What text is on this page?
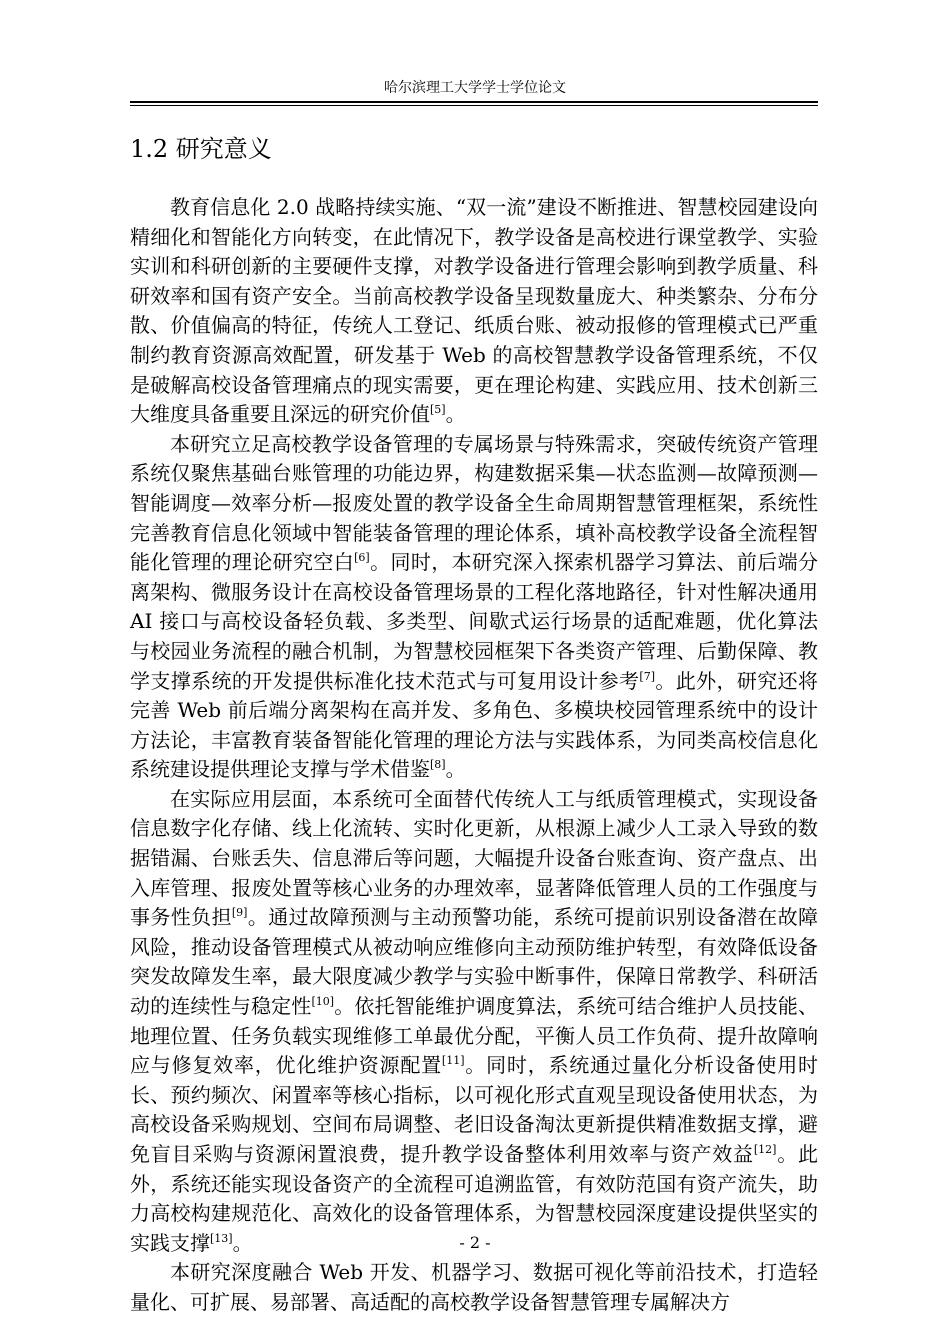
哈尔滨理工大学学士学位论文
1.2 研究意义

教育信息化 2.0 战略持续实施、“双一流”建设不断推进、智慧校园建设向精细化和智能化方向转变，在此情况下，教学设备是高校进行课堂教学、实验实训和科研创新的主要硬件支撑，对教学设备进行管理会影响到教学质量、科研效率和国有资产安全。当前高校教学设备呈现数量庞大、种类繁杂、分布分散、价值偏高的特征，传统人工登记、纸质台账、被动报修的管理模式已严重制约教育资源高效配置，研发基于 Web 的高校智慧教学设备管理系统，不仅是破解高校设备管理痛点的现实需要，更在理论构建、实践应用、技术创新三大维度具备重要且深远的研究价值[5]。

本研究立足高校教学设备管理的专属场景与特殊需求，突破传统资产管理系统仅聚焦基础台账管理的功能边界，构建数据采集—状态监测—故障预测—智能调度—效率分析—报废处置的教学设备全生命周期智慧管理框架，系统性完善教育信息化领域中智能装备管理的理论体系，填补高校教学设备全流程智能化管理的理论研究空白[6]。同时，本研究深入探索机器学习算法、前后端分离架构、微服务设计在高校设备管理场景的工程化落地路径，针对性解决通用 AI 接口与高校设备轻负载、多类型、间歇式运行场景的适配难题，优化算法与校园业务流程的融合机制，为智慧校园框架下各类资产管理、后勤保障、教学支撑系统的开发提供标准化技术范式与可复用设计参考[7]。此外，研究还将完善 Web 前后端分离架构在高并发、多角色、多模块校园管理系统中的设计方法论，丰富教育装备智能化管理的理论方法与实践体系，为同类高校信息化系统建设提供理论支撑与学术借鉴[8]。

在实际应用层面，本系统可全面替代传统人工与纸质管理模式，实现设备信息数字化存储、线上化流转、实时化更新，从根源上减少人工录入导致的数据错漏、台账丢失、信息滞后等问题，大幅提升设备台账查询、资产盘点、出入库管理、报废处置等核心业务的办理效率，显著降低管理人员的工作强度与事务性负担[9]。通过故障预测与主动预警功能，系统可提前识别设备潜在故障风险，推动设备管理模式从被动响应维修向主动预防维护转型，有效降低设备突发故障发生率，最大限度减少教学与实验中断事件，保障日常教学、科研活动的连续性与稳定性[10]。依托智能维护调度算法，系统可结合维护人员技能、地理位置、任务负载实现维修工单最优分配，平衡人员工作负荷、提升故障响应与修复效率，优化维护资源配置[11]。同时，系统通过量化分析设备使用时长、预约频次、闲置率等核心指标，以可视化形式直观呈现设备使用状态，为高校设备采购规划、空间布局调整、老旧设备淘汰更新提供精准数据支撑，避免盲目采购与资源闲置浪费，提升教学设备整体利用效率与资产效益[12]。此外，系统还能实现设备资产的全流程可追溯监管，有效防范国有资产流失，助力高校构建规范化、高效化的设备管理体系，为智慧校园深度建设提供坚实的实践支撑[13]。

本研究深度融合 Web 开发、机器学习、数据可视化等前沿技术，打造轻量化、可扩展、易部署、高适配的高校教学设备智慧管理专属解决方

- 2 -
